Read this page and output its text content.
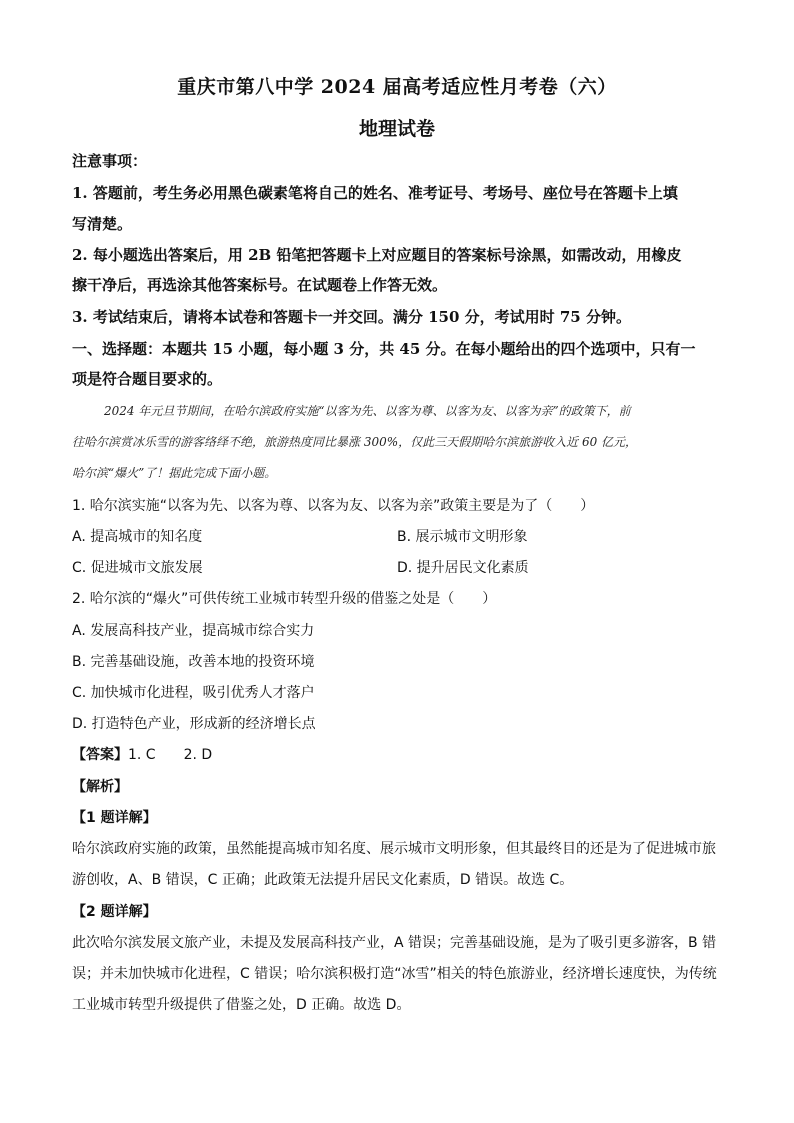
重庆市第八中学 2024 届高考适应性月考卷（六）
地理试卷
注意事项：
1. 答题前，考生务必用黑色碳素笔将自己的姓名、准考证号、考场号、座位号在答题卡上填
写清楚。
2. 每小题选出答案后，用 2B 铅笔把答题卡上对应题目的答案标号涂黑，如需改动，用橡皮
擦干净后，再选涂其他答案标号。在试题卷上作答无效。
3. 考试结束后，请将本试卷和答题卡一并交回。满分 150 分，考试用时 75 分钟。
一、选择题：本题共 15 小题，每小题 3 分，共 45 分。在每小题给出的四个选项中，只有一
项是符合题目要求的。
2024 年元旦节期间，在哈尔滨政府实施“以客为先、以客为尊、以客为友、以客为亲”的政策下，前
往哈尔滨赏冰乐雪的游客络绎不绝，旅游热度同比暴涨 300%，仅此三天假期哈尔滨旅游收入近 60 亿元，
哈尔滨“爆火”了！据此完成下面小题。
1. 哈尔滨实施“以客为先、以客为尊、以客为友、以客为亲”政策主要是为了（　　）
A. 提高城市的知名度	B. 展示城市文明形象
C. 促进城市文旅发展	D. 提升居民文化素质
2. 哈尔滨的“爆火”可供传统工业城市转型升级的借鉴之处是（　　）
A. 发展高科技产业，提高城市综合实力
B. 完善基础设施，改善本地的投资环境
C. 加快城市化进程，吸引优秀人才落户
D. 打造特色产业，形成新的经济增长点
【答案】1. C　　2. D
【解析】
【1 题详解】
哈尔滨政府实施的政策，虽然能提高城市知名度、展示城市文明形象，但其最终目的还是为了促进城市旅
游创收，A、B 错误，C 正确；此政策无法提升居民文化素质，D 错误。故选 C。
【2 题详解】
此次哈尔滨发展文旅产业，未提及发展高科技产业，A 错误；完善基础设施，是为了吸引更多游客，B 错
误；并未加快城市化进程，C 错误；哈尔滨积极打造“冰雪”相关的特色旅游业，经济增长速度快，为传统
工业城市转型升级提供了借鉴之处，D 正确。故选 D。
